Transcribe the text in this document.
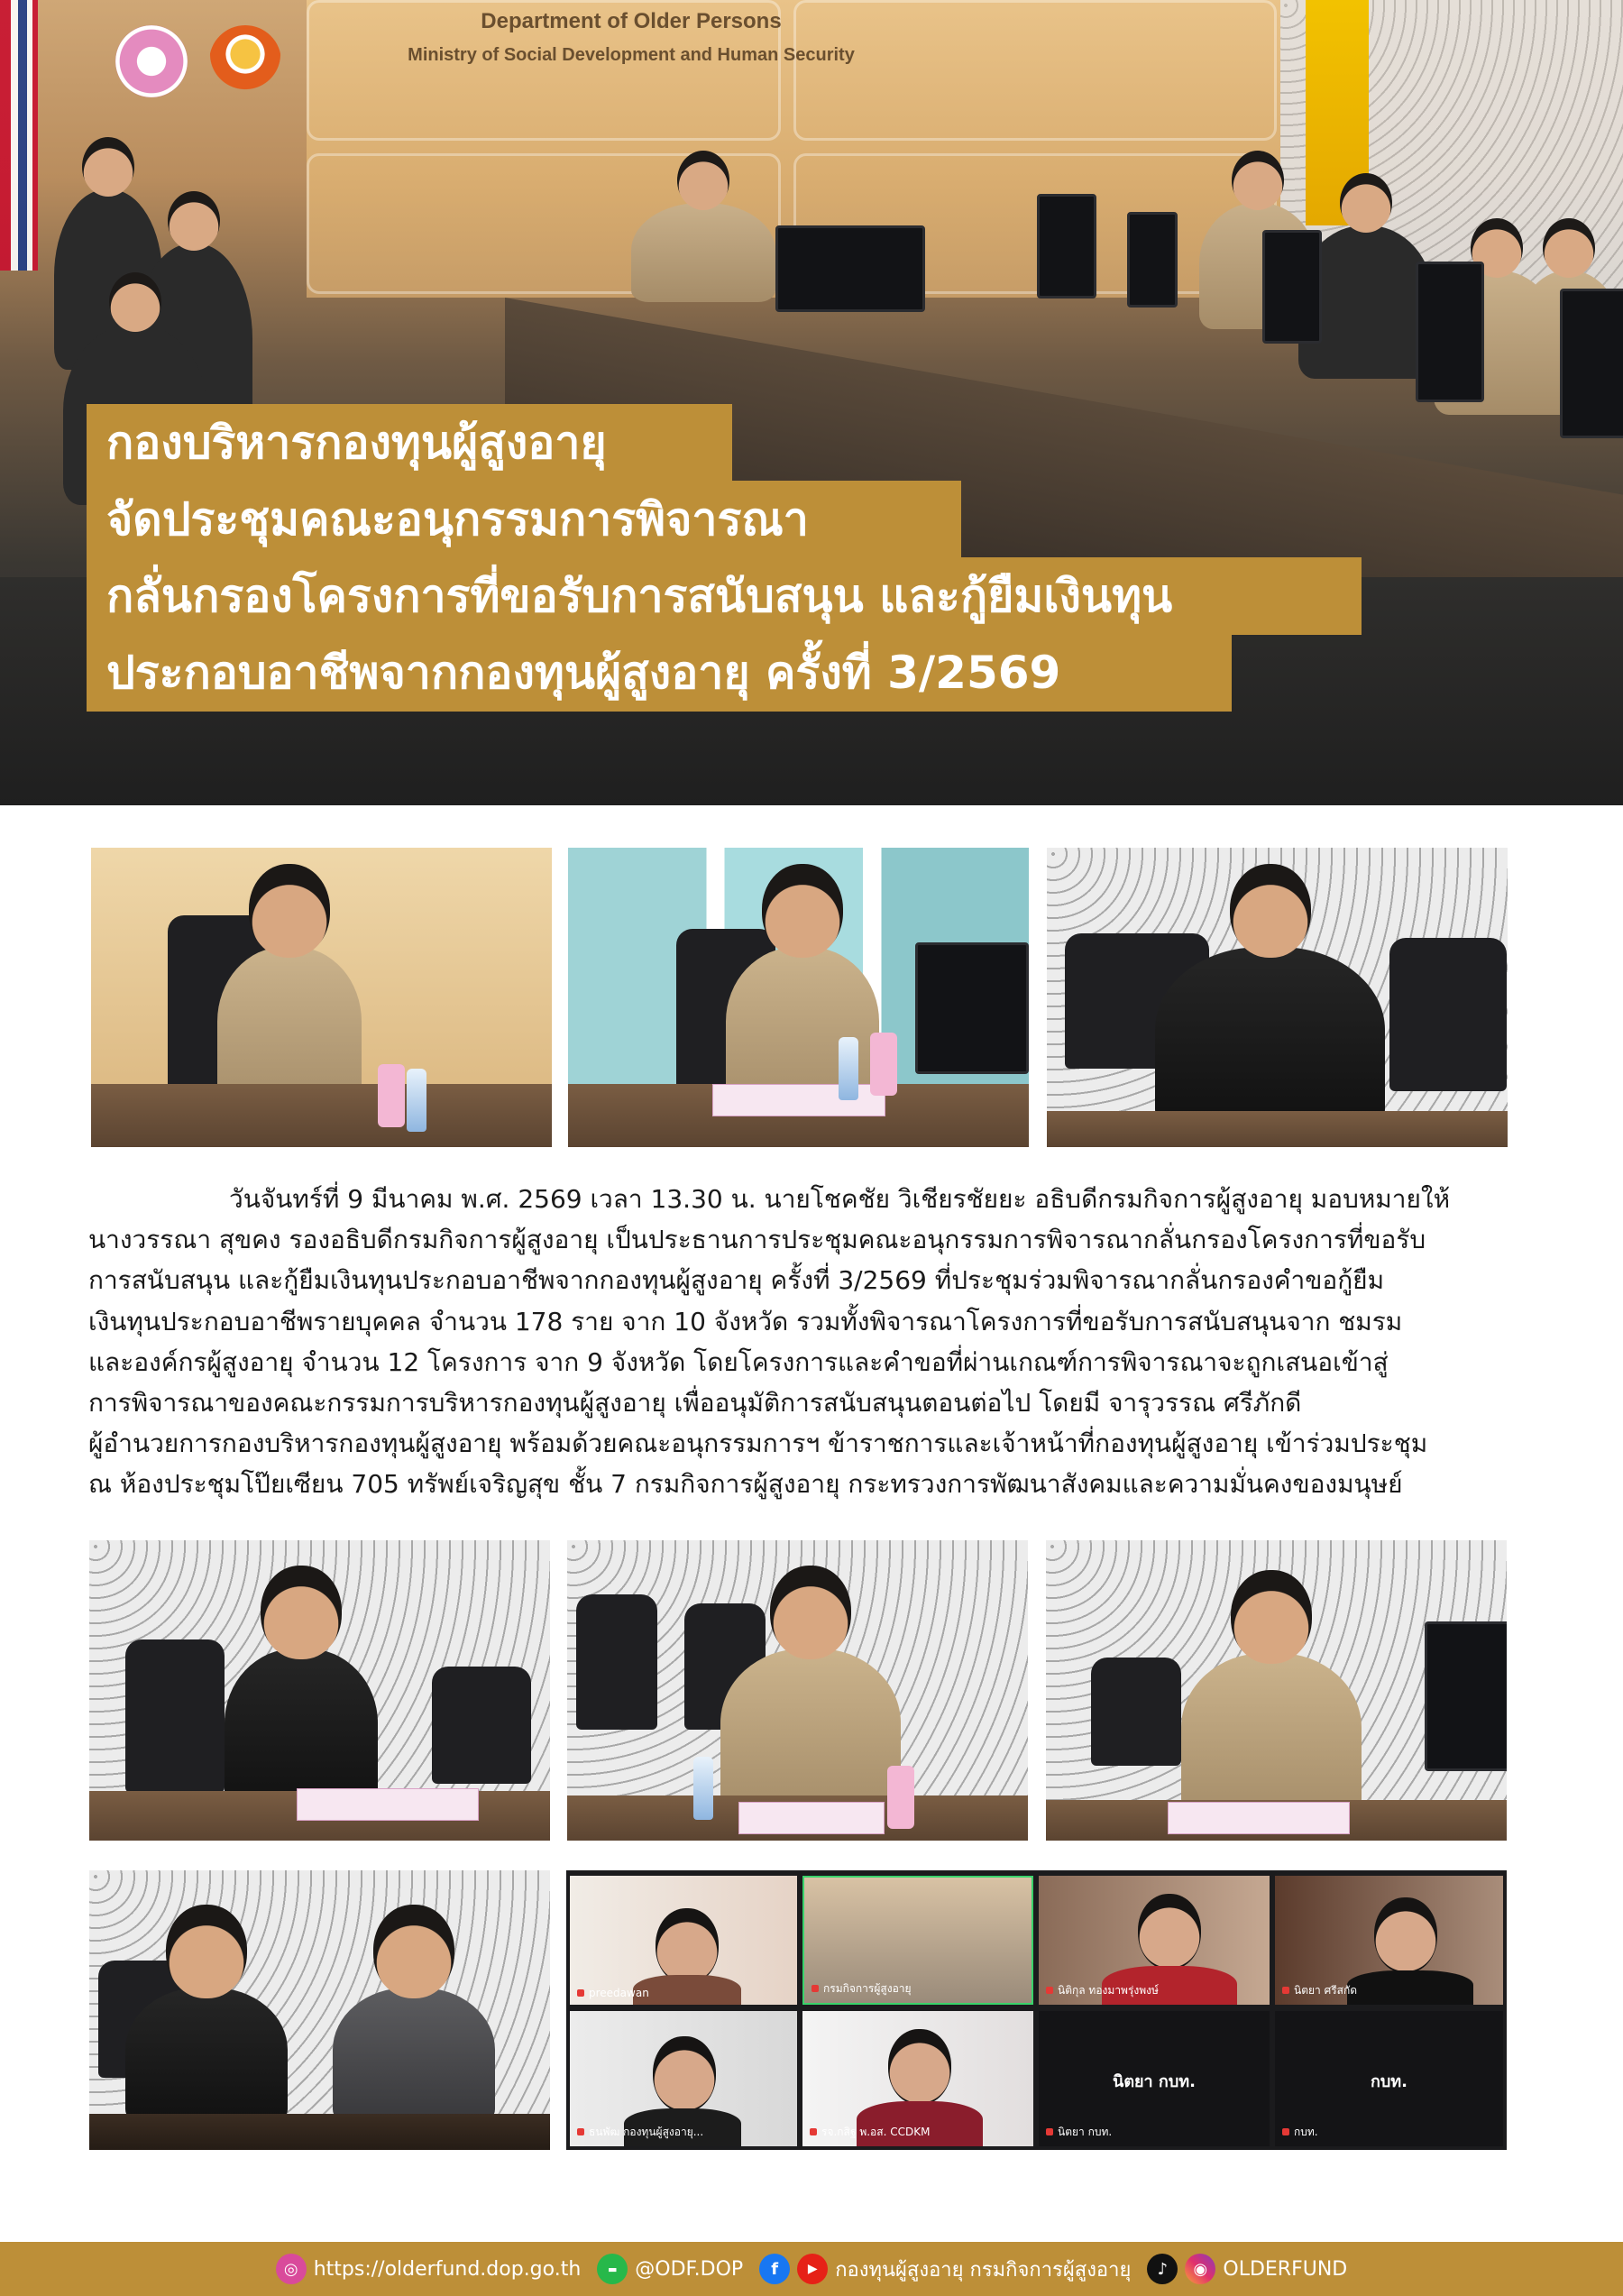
Department of Older Persons
Ministry of Social Development and Human Security
กองบริหารกองทุนผู้สูงอายุ
จัดประชุมคณะอนุกรรมการพิจารณา
กลั่นกรองโครงการที่ขอรับการสนับสนุน และกู้ยืมเงินทุน
ประกอบอาชีพจากกองทุนผู้สูงอายุ ครั้งที่ 3/2569
วันจันทร์ที่ 9 มีนาคม พ.ศ. 2569 เวลา 13.30 น. นายโชคชัย วิเชียรชัยยะ อธิบดีกรมกิจการผู้สูงอายุ มอบหมายให้
นางวรรณา สุขคง รองอธิบดีกรมกิจการผู้สูงอายุ เป็นประธานการประชุมคณะอนุกรรมการพิจารณากลั่นกรองโครงการที่ขอรับ
การสนับสนุน และกู้ยืมเงินทุนประกอบอาชีพจากกองทุนผู้สูงอายุ ครั้งที่ 3/2569 ที่ประชุมร่วมพิจารณากลั่นกรองคำขอกู้ยืม
เงินทุนประกอบอาชีพรายบุคคล จำนวน 178 ราย จาก 10 จังหวัด รวมทั้งพิจารณาโครงการที่ขอรับการสนับสนุนจาก ชมรม
และองค์กรผู้สูงอายุ จำนวน 12 โครงการ จาก 9 จังหวัด โดยโครงการและคำขอที่ผ่านเกณฑ์การพิจารณาจะถูกเสนอเข้าสู่
การพิจารณาของคณะกรรมการบริหารกองทุนผู้สูงอายุ เพื่ออนุมัติการสนับสนุนตอนต่อไป โดยมี จารุวรรณ ศรีภักดี
ผู้อำนวยการกองบริหารกองทุนผู้สูงอายุ พร้อมด้วยคณะอนุกรรมการฯ ข้าราชการและเจ้าหน้าที่กองทุนผู้สูงอายุ เข้าร่วมประชุม
ณ ห้องประชุมโป๊ยเซียน 705 ทรัพย์เจริญสุข ชั้น 7 กรมกิจการผู้สูงอายุ กระทรวงการพัฒนาสังคมและความมั่นคงของมนุษย์
preedawan	กรมกิจการผู้สูงอายุ	นิติกุล ทองมาพรุ่งพงษ์	นิตยา ศรีสกัด
ธนพัฒ กองทุนผู้สูงอายุ...	รจ.กสิฐ พ.อส. CCDKM
นิตยา กบท.
นิตยา กบท.
กบท.
กบท.
◎ https://olderfund.dop.go.th	▬ @ODF.DOP	f	▶ กองทุนผู้สูงอายุ กรมกิจการผู้สูงอายุ	♪	◉ OLDERFUND
